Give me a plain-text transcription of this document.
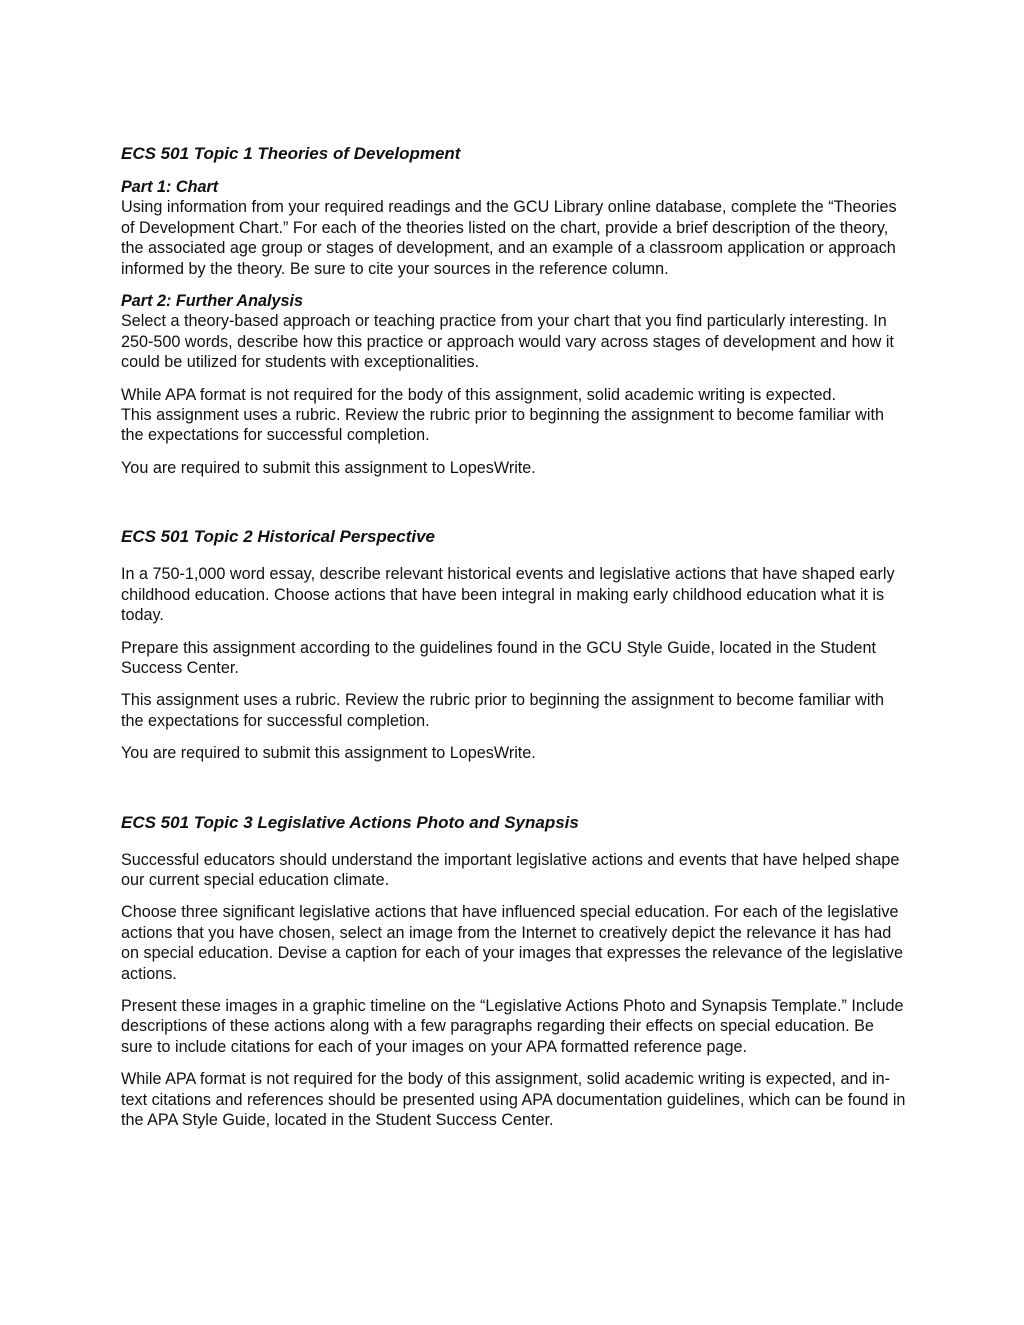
ECS 501 Topic 1 Theories of Development

Part 1: Chart

Using information from your required readings and the GCU Library online database, complete the “Theories of Development Chart.” For each of the theories listed on the chart, provide a brief description of the theory, the associated age group or stages of development, and an example of a classroom application or approach informed by the theory. Be sure to cite your sources in the reference column.

Part 2: Further Analysis

Select a theory-based approach or teaching practice from your chart that you find particularly interesting. In 250-500 words, describe how this practice or approach would vary across stages of development and how it could be utilized for students with exceptionalities.

While APA format is not required for the body of this assignment, solid academic writing is expected.

This assignment uses a rubric. Review the rubric prior to beginning the assignment to become familiar with the expectations for successful completion.

You are required to submit this assignment to LopesWrite.

ECS 501 Topic 2 Historical Perspective

In a 750-1,000 word essay, describe relevant historical events and legislative actions that have shaped early childhood education. Choose actions that have been integral in making early childhood education what it is today.

Prepare this assignment according to the guidelines found in the GCU Style Guide, located in the Student Success Center.

This assignment uses a rubric. Review the rubric prior to beginning the assignment to become familiar with the expectations for successful completion.

You are required to submit this assignment to LopesWrite.

ECS 501 Topic 3 Legislative Actions Photo and Synapsis

Successful educators should understand the important legislative actions and events that have helped shape our current special education climate.

Choose three significant legislative actions that have influenced special education. For each of the legislative actions that you have chosen, select an image from the Internet to creatively depict the relevance it has had on special education. Devise a caption for each of your images that expresses the relevance of the legislative actions.

Present these images in a graphic timeline on the “Legislative Actions Photo and Synapsis Template.” Include descriptions of these actions along with a few paragraphs regarding their effects on special education. Be sure to include citations for each of your images on your APA formatted reference page.

While APA format is not required for the body of this assignment, solid academic writing is expected, and in-text citations and references should be presented using APA documentation guidelines, which can be found in the APA Style Guide, located in the Student Success Center.
